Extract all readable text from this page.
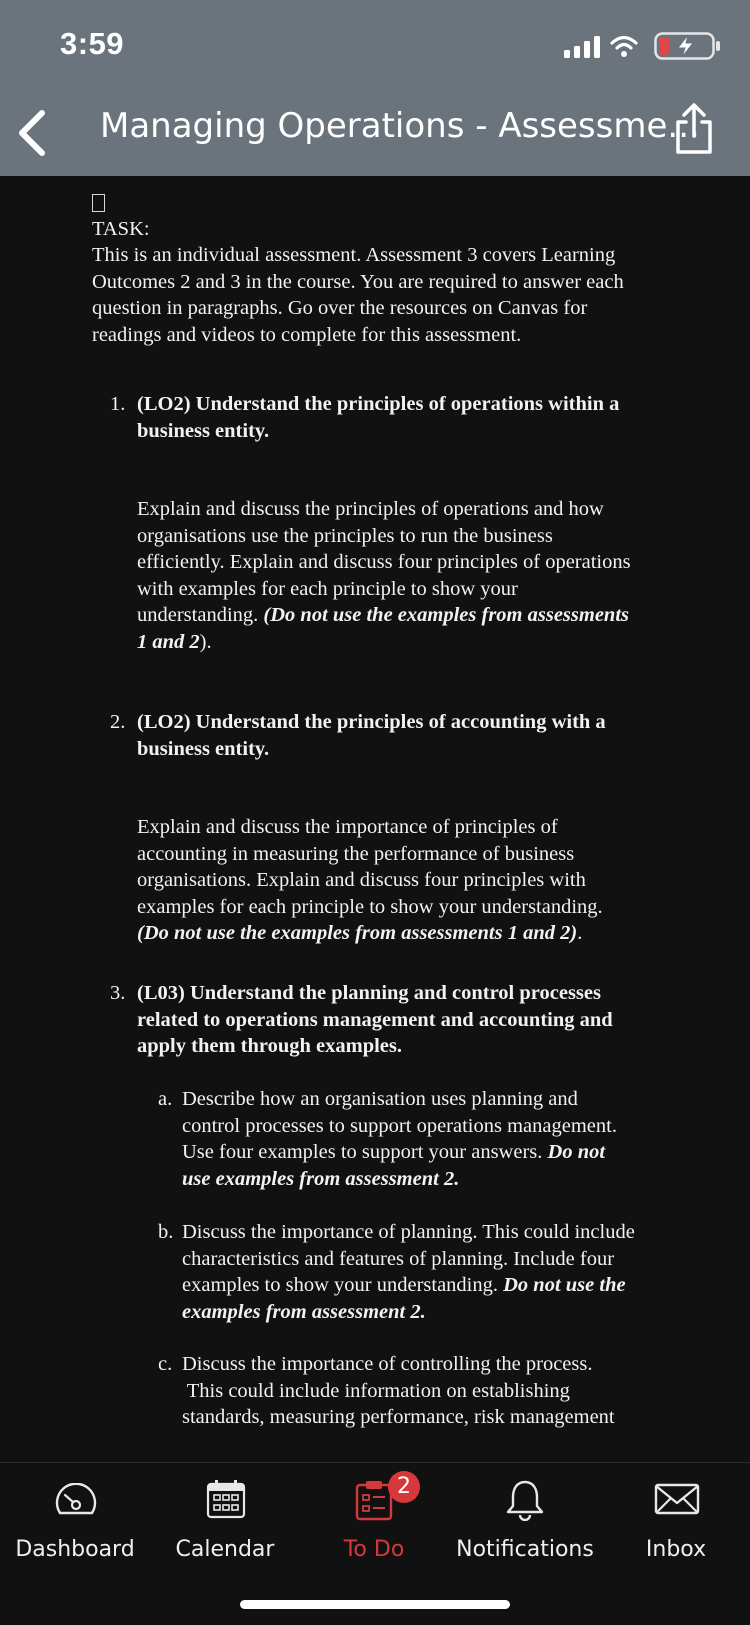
3:59
Managing Operations - Assessme...
TASK:
This is an individual assessment. Assessment 3 covers Learning
Outcomes 2 and 3 in the course. You are required to answer each
question in paragraphs. Go over the resources on Canvas for
readings and videos to complete for this assessment.
1. (LO2) Understand the principles of operations within a
business entity.
Explain and discuss the principles of operations and how
organisations use the principles to run the business
efficiently. Explain and discuss four principles of operations
with examples for each principle to show your
understanding. (Do not use the examples from assessments
1 and 2).
2. (LO2) Understand the principles of accounting with a
business entity.
Explain and discuss the importance of principles of
accounting in measuring the performance of business
organisations. Explain and discuss four principles with
examples for each principle to show your understanding.
(Do not use the examples from assessments 1 and 2).
3. (L03) Understand the planning and control processes
related to operations management and accounting and
apply them through examples.
a. Describe how an organisation uses planning and
control processes to support operations management.
Use four examples to support your answers. Do not
use examples from assessment 2.
b. Discuss the importance of planning. This could include
characteristics and features of planning. Include four
examples to show your understanding. Do not use the
examples from assessment 2.
c. Discuss the importance of controlling the process.
This could include information on establishing
standards, measuring performance, risk management
Dashboard	Calendar
2
To Do	Notifications	Inbox
